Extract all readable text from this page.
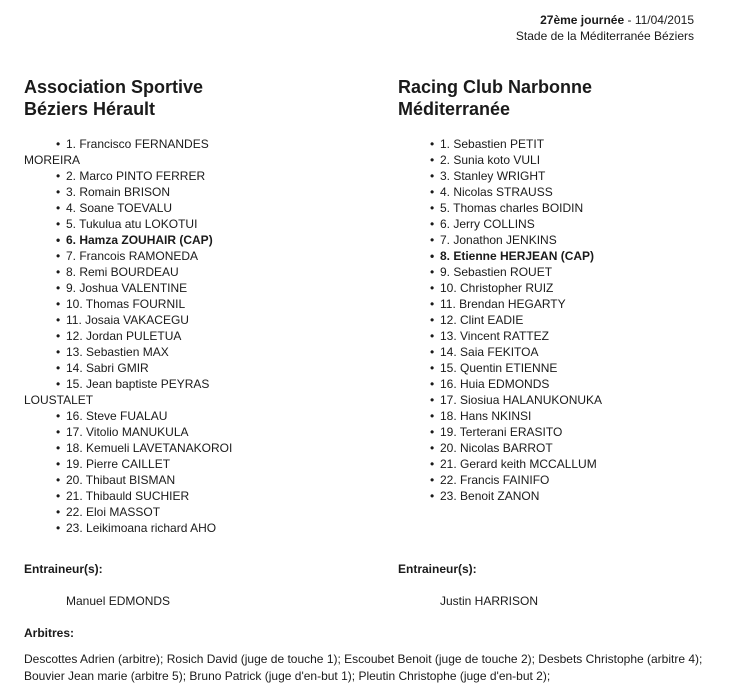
27ème journée - 11/04/2015
Stade de la Méditerranée Béziers
Association Sportive
Béziers Hérault
• 1. Francisco FERNANDES
MOREIRA
• 2. Marco PINTO FERRER
• 3. Romain BRISON
• 4. Soane TOEVALU
• 5. Tukulua atu LOKOTUI
• 6. Hamza ZOUHAIR (CAP)
• 7. Francois RAMONEDA
• 8. Remi BOURDEAU
• 9. Joshua VALENTINE
• 10. Thomas FOURNIL
• 11. Josaia VAKACEGU
• 12. Jordan PULETUA
• 13. Sebastien MAX
• 14. Sabri GMIR
• 15. Jean baptiste PEYRAS
LOUSTALET
• 16. Steve FUALAU
• 17. Vitolio MANUKULA
• 18. Kemueli LAVETANAKOROI
• 19. Pierre CAILLET
• 20. Thibaut BISMAN
• 21. Thibauld SUCHIER
• 22. Eloi MASSOT
• 23. Leikimoana richard AHO
Racing Club Narbonne
Méditerranée
• 1. Sebastien PETIT
• 2. Sunia koto VULI
• 3. Stanley WRIGHT
• 4. Nicolas STRAUSS
• 5. Thomas charles BOIDIN
• 6. Jerry COLLINS
• 7. Jonathon JENKINS
• 8. Etienne HERJEAN (CAP)
• 9. Sebastien ROUET
• 10. Christopher RUIZ
• 11. Brendan HEGARTY
• 12. Clint EADIE
• 13. Vincent RATTEZ
• 14. Saia FEKITOA
• 15. Quentin ETIENNE
• 16. Huia EDMONDS
• 17. Siosiua HALANUKONUKA
• 18. Hans NKINSI
• 19. Terterani ERASITO
• 20. Nicolas BARROT
• 21. Gerard keith MCCALLUM
• 22. Francis FAINIFO
• 23. Benoit ZANON
Entraineur(s):	Entraineur(s):
Manuel EDMONDS	Justin HARRISON
Arbitres:
Descottes Adrien (arbitre); Rosich David (juge de touche 1); Escoubet Benoit (juge de touche 2); Desbets Christophe (arbitre 4); Bouvier Jean marie (arbitre 5); Bruno Patrick (juge d'en-but 1); Pleutin Christophe (juge d'en-but 2);
